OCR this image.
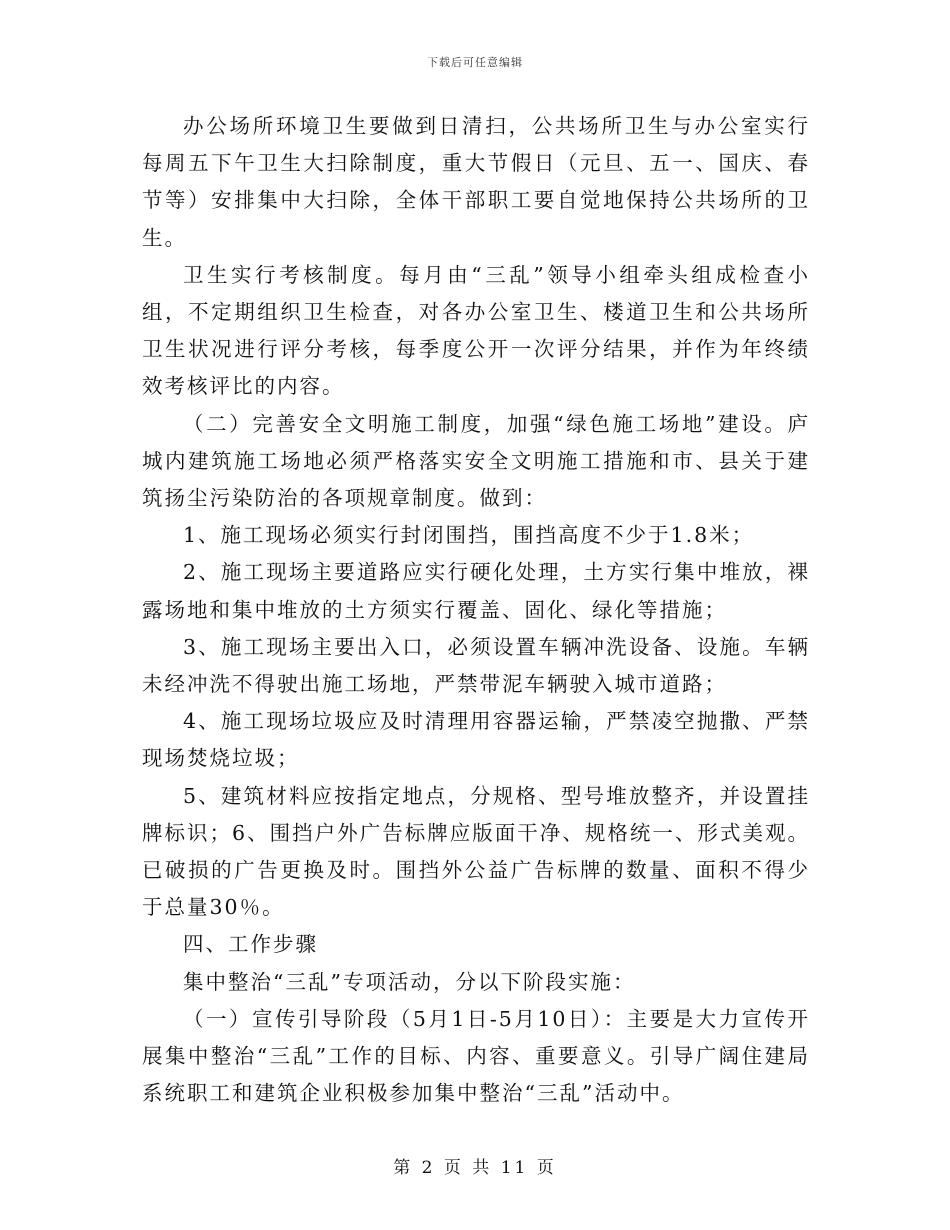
下载后可任意编辑

办公场所环境卫生要做到日清扫，公共场所卫生与办公室实行每周五下午卫生大扫除制度，重大节假日（元旦、五一、国庆、春节等）安排集中大扫除，全体干部职工要自觉地保持公共场所的卫生。

卫生实行考核制度。每月由“三乱”领导小组牵头组成检查小组，不定期组织卫生检查，对各办公室卫生、楼道卫生和公共场所卫生状况进行评分考核，每季度公开一次评分结果，并作为年终绩效考核评比的内容。

（二）完善安全文明施工制度，加强“绿色施工场地”建设。庐城内建筑施工场地必须严格落实安全文明施工措施和市、县关于建筑扬尘污染防治的各项规章制度。做到：

1、施工现场必须实行封闭围挡，围挡高度不少于1.8米；

2、施工现场主要道路应实行硬化处理，土方实行集中堆放，裸露场地和集中堆放的土方须实行覆盖、固化、绿化等措施；

3、施工现场主要出入口，必须设置车辆冲洗设备、设施。车辆未经冲洗不得驶出施工场地，严禁带泥车辆驶入城市道路；

4、施工现场垃圾应及时清理用容器运输，严禁凌空抛撒、严禁现场焚烧垃圾；

5、建筑材料应按指定地点，分规格、型号堆放整齐，并设置挂牌标识；6、围挡户外广告标牌应版面干净、规格统一、形式美观。已破损的广告更换及时。围挡外公益广告标牌的数量、面积不得少于总量30％。

四、工作步骤

集中整治“三乱”专项活动，分以下阶段实施：

（一）宣传引导阶段（5月1日-5月10日）：主要是大力宣传开展集中整治“三乱”工作的目标、内容、重要意义。引导广阔住建局系统职工和建筑企业积极参加集中整治“三乱”活动中。

第 2 页 共 11 页
